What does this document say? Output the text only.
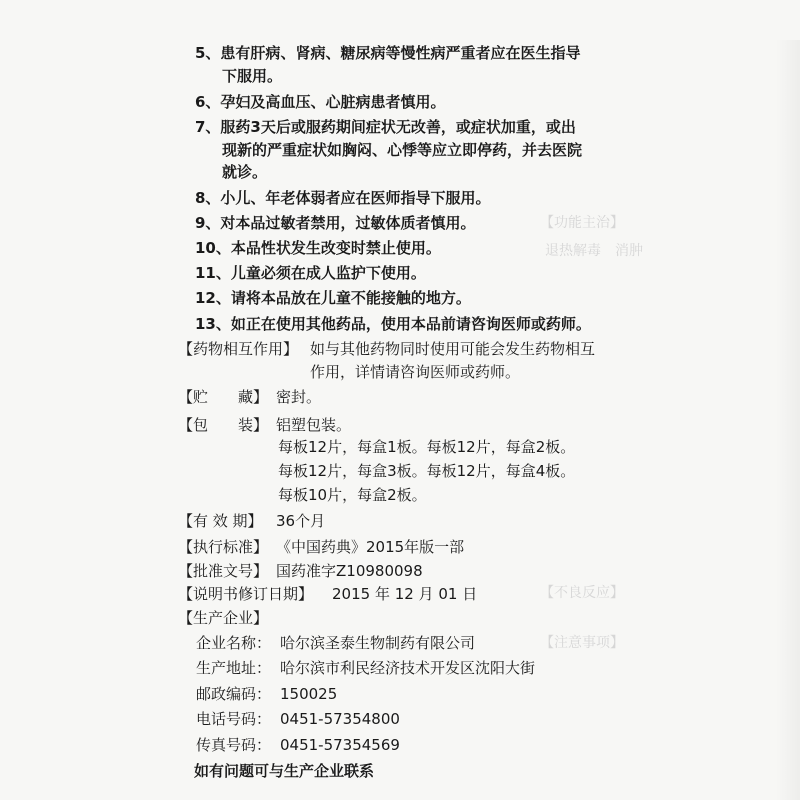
【功能主治】
退热解毒　消肿
【不良反应】
【注意事项】
5、患有肝病、肾病、糖尿病等慢性病严重者应在医生指导
下服用。
6、孕妇及高血压、心脏病患者慎用。
7、服药3天后或服药期间症状无改善，或症状加重，或出
现新的严重症状如胸闷、心悸等应立即停药，并去医院
就诊。
8、小儿、年老体弱者应在医师指导下服用。
9、对本品过敏者禁用，过敏体质者慎用。
10、本品性状发生改变时禁止使用。
11、儿童必须在成人监护下使用。
12、请将本品放在儿童不能接触的地方。
13、如正在使用其他药品，使用本品前请咨询医师或药师。
【药物相互作用】 如与其他药物同时使用可能会发生药物相互
作用，详情请咨询医师或药师。
【贮　　藏】 密封。
【包　　装】 铝塑包装。
每板12片，每盒1板。每板12片，每盒2板。
每板12片，每盒3板。每板12片，每盒4板。
每板10片，每盒2板。
【有 效 期】 36个月
【执行标准】 《中国药典》2015年版一部
【批准文号】 国药准字Z10980098
【说明书修订日期】 2015 年 12 月 01 日
【生产企业】
企业名称： 哈尔滨圣泰生物制药有限公司
生产地址： 哈尔滨市利民经济技术开发区沈阳大街
邮政编码： 150025
电话号码： 0451-57354800
传真号码： 0451-57354569
如有问题可与生产企业联系
